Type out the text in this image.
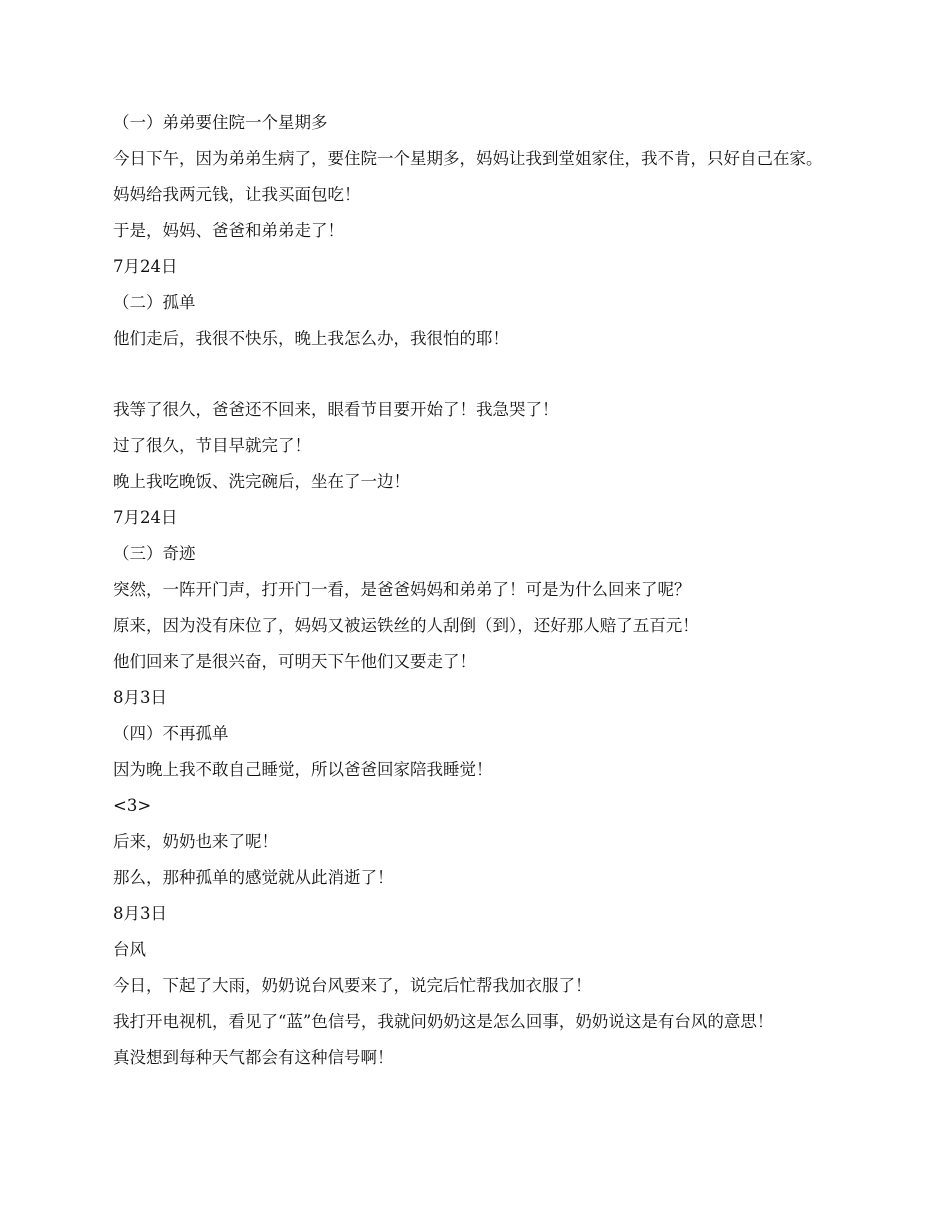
（一）弟弟要住院一个星期多

今日下午，因为弟弟生病了，要住院一个星期多，妈妈让我到堂姐家住，我不肯，只好自己在家。

妈妈给我两元钱，让我买面包吃！

于是，妈妈、爸爸和弟弟走了！

7月24日

（二）孤单

他们走后，我很不快乐，晚上我怎么办，我很怕的耶！

我等了很久，爸爸还不回来，眼看节目要开始了！我急哭了！

过了很久，节目早就完了！

晚上我吃晚饭、洗完碗后，坐在了一边！

7月24日

（三）奇迹

突然，一阵开门声，打开门一看，是爸爸妈妈和弟弟了！可是为什么回来了呢？

原来，因为没有床位了，妈妈又被运铁丝的人刮倒（到），还好那人赔了五百元！

他们回来了是很兴奋，可明天下午他们又要走了！

8月3日

（四）不再孤单

因为晚上我不敢自己睡觉，所以爸爸回家陪我睡觉！

<3>

后来，奶奶也来了呢！

那么，那种孤单的感觉就从此消逝了！

8月3日

台风

今日，下起了大雨，奶奶说台风要来了，说完后忙帮我加衣服了！

我打开电视机，看见了“蓝”色信号，我就问奶奶这是怎么回事，奶奶说这是有台风的意思！

真没想到每种天气都会有这种信号啊！
